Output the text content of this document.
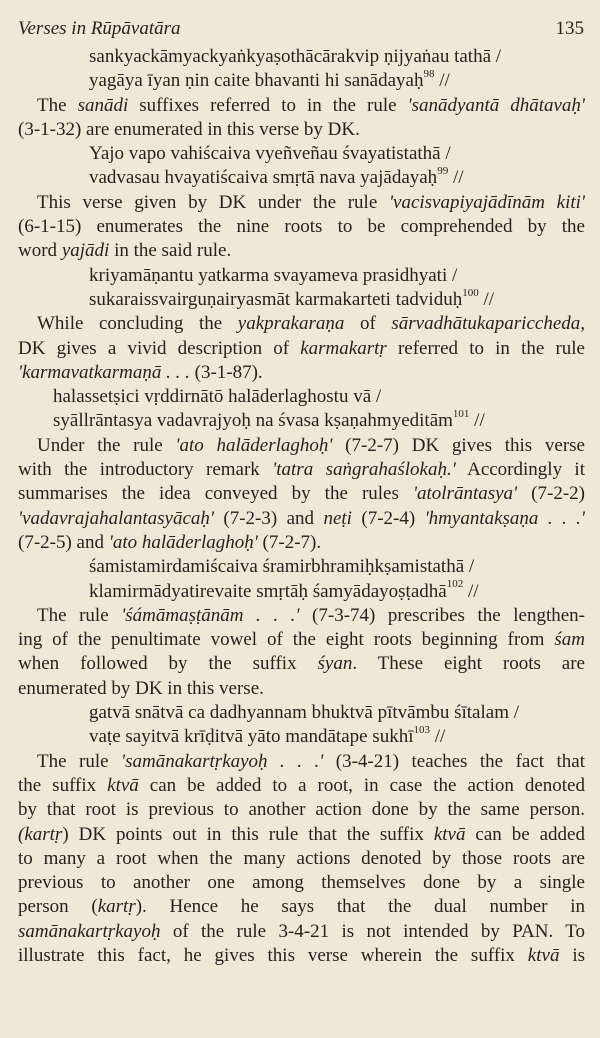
Verses in Rūpāvatāra	135
sankyackāmyackyaṅkyaṣothācārakvip ṇijyaṅau tathā /
yagāya īyan ṇin caite bhavanti hi sanādayaḥ$^{98}$ //
The sanādi suffixes referred to in the rule 'sanādyantā dhātavaḥ'
(3-1-32) are enumerated in this verse by DK.
Yajo vapo vahiścaiva vyeñveñau śvayatistathā /
vadvasau hvayatiścaiva smṛtā nava yajādayaḥ$^{99}$ //
This verse given by DK under the rule 'vacisvapiyajādīnām kiti'
(6-1-15) enumerates the nine roots to be comprehended by the
word yajādi in the said rule.
kriyamāṇantu yatkarma svayameva prasidhyati /
sukaraissvairguṇairyasmāt karmakarteti tadviduḥ$^{100}$ //
While concluding the yakprakaraṇa of sārvadhātukapariccheda,
DK gives a vivid description of karmakartṛ referred to in the rule
'karmavatkarmaṇā . . . (3-1-87).
halassetṣici vṛddirnātō halāderlaghostu vā /
syāllrāntasya vadavrajyoḥ na śvasa kṣaṇahmyeditām$^{101}$ //
Under the rule 'ato halāderlaghoḥ' (7-2-7) DK gives this verse
with the introductory remark 'tatra saṅgrahaślokaḥ.' Accordingly it
summarises the idea conveyed by the rules 'atolrāntasya' (7-2-2)
'vadavrajahalantasyācaḥ' (7-2-3) and neṭi (7-2-4) 'hmyantakṣaṇa . . .'
(7-2-5) and 'ato halāderlaghoḥ' (7-2-7).
śamistamirdamiścaiva śramirbhramiḥkṣamistathā /
klamirmādyatirevaite smṛtāḥ śamyādayoṣṭadhā$^{102}$ //
The rule 'śámāmaṣṭānām . . .' (7-3-74) prescribes the lengthen-
ing of the penultimate vowel of the eight roots beginning from śam
when followed by the suffix śyan. These eight roots are
enumerated by DK in this verse.
gatvā snātvā ca dadhyannam bhuktvā pītvāmbu śītalam /
vaṭe sayitvā krīḍitvā yāto mandātape sukhī$^{103}$ //
The rule 'samānakartṛkayoḥ . . .' (3-4-21) teaches the fact that
the suffix ktvā can be added to a root, in case the action denoted
by that root is previous to another action done by the same person.
(kartṛ) DK points out in this rule that the suffix ktvā can be added
to many a root when the many actions denoted by those roots are
previous to another one among themselves done by a single
person (kartṛ). Hence he says that the dual number in
samānakartṛkayoḥ of the rule 3-4-21 is not intended by PAN. To
illustrate this fact, he gives this verse wherein the suffix ktvā is
